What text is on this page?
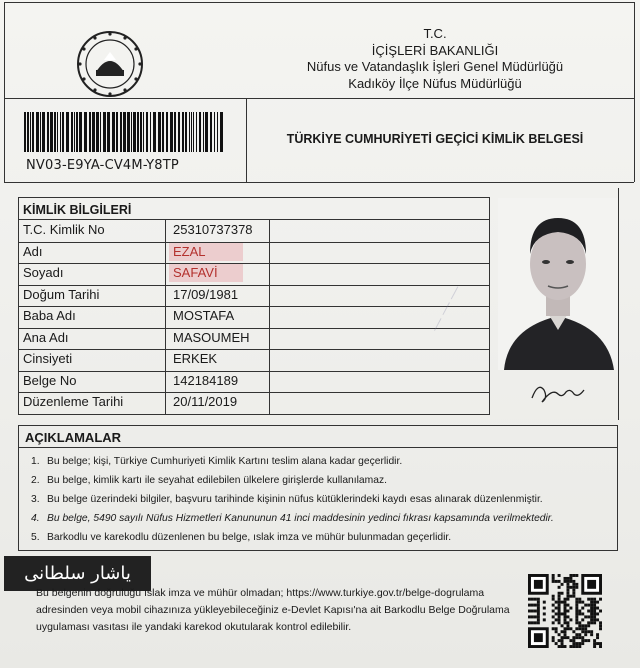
T.C.
İÇİŞLERİ BAKANLIĞI
Nüfus ve Vatandaşlık İşleri Genel Müdürlüğü
Kadıköy İlçe Nüfus Müdürlüğü
NV03-E9YA-CV4M-Y8TP
TÜRKİYE CUMHURİYETİ GEÇİCİ KİMLİK BELGESİ
KİMLİK BİLGİLERİ
T.C. Kimlik No	25310737378
Adı	EZAL
Soyadı	SAFAVİ
Doğum Tarihi	17/09/1981
Baba Adı	MOSTAFA
Ana Adı	MASOUMEH
Cinsiyeti	ERKEK
Belge No	142184189
Düzenleme Tarihi	20/11/2019
AÇIKLAMALAR
1. Bu belge; kişi, Türkiye Cumhuriyeti Kimlik Kartını teslim alana kadar geçerlidir.
2. Bu belge, kimlik kartı ile seyahat edilebilen ülkelere girişlerde kullanılamaz.
3. Bu belge üzerindeki bilgiler, başvuru tarihinde kişinin nüfus kütüklerindeki kaydı esas alınarak düzenlenmiştir.
4. Bu belge, 5490 sayılı Nüfus Hizmetleri Kanununun 41 inci maddesinin yedinci fıkrası kapsamında verilmektedir.
5. Barkodlu ve karekodlu düzenlenen bu belge, ıslak imza ve mühür bulunmadan geçerlidir.
— — —
یاشار سلطانی
Bu belgenin doğruluğu ıslak imza ve mühür olmadan; https://www.turkiye.gov.tr/belge-dogrulama
adresinden veya mobil cihazınıza yükleyebileceğiniz e-Devlet Kapısı'na ait Barkodlu Belge Doğrulama
uygulaması vasıtası ile yandaki karekod okutularak kontrol edilebilir.
